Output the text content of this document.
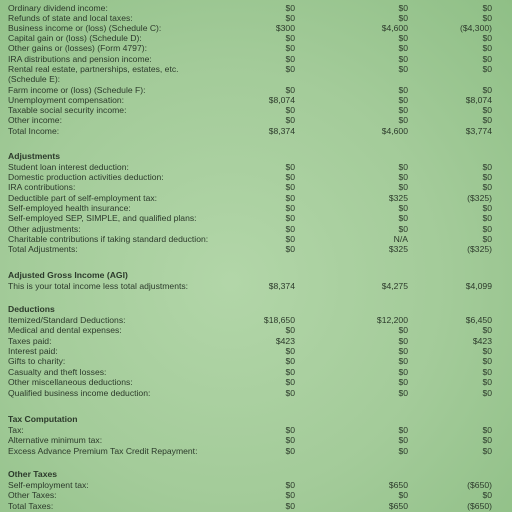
Ordinary dividend income:	$0	$0	$0
Refunds of state and local taxes:	$0	$0	$0
Business income or (loss) (Schedule C):	$300	$4,600	($4,300)
Capital gain or (loss) (Schedule D):	$0	$0	$0
Other gains or (losses) (Form 4797):	$0	$0	$0
IRA distributions and pension income:	$0	$0	$0
Rental real estate, partnerships, estates, etc.	$0	$0	$0
(Schedule E):
Farm income or (loss) (Schedule F):	$0	$0	$0
Unemployment compensation:	$8,074	$0	$8,074
Taxable social security income:	$0	$0	$0
Other income:	$0	$0	$0
Total Income:	$8,374	$4,600	$3,774
Adjustments
Student loan interest deduction:	$0	$0	$0
Domestic production activities deduction:	$0	$0	$0
IRA contributions:	$0	$0	$0
Deductible part of self-employment tax:	$0	$325	($325)
Self-employed health insurance:	$0	$0	$0
Self-employed SEP, SIMPLE, and qualified plans:	$0	$0	$0
Other adjustments:	$0	$0	$0
Charitable contributions if taking standard deduction:	$0	N/A	$0
Total Adjustments:	$0	$325	($325)
Adjusted Gross Income (AGI)
This is your total income less total adjustments:	$8,374	$4,275	$4,099
Deductions
Itemized/Standard Deductions:	$18,650	$12,200	$6,450
Medical and dental expenses:	$0	$0	$0
Taxes paid:	$423	$0	$423
Interest paid:	$0	$0	$0
Gifts to charity:	$0	$0	$0
Casualty and theft losses:	$0	$0	$0
Other miscellaneous deductions:	$0	$0	$0
Qualified business income deduction:	$0	$0	$0
Tax Computation
Tax:	$0	$0	$0
Alternative minimum tax:	$0	$0	$0
Excess Advance Premium Tax Credit Repayment:	$0	$0	$0
Other Taxes
Self-employment tax:	$0	$650	($650)
Other Taxes:	$0	$0	$0
Total Taxes:	$0	$650	($650)
